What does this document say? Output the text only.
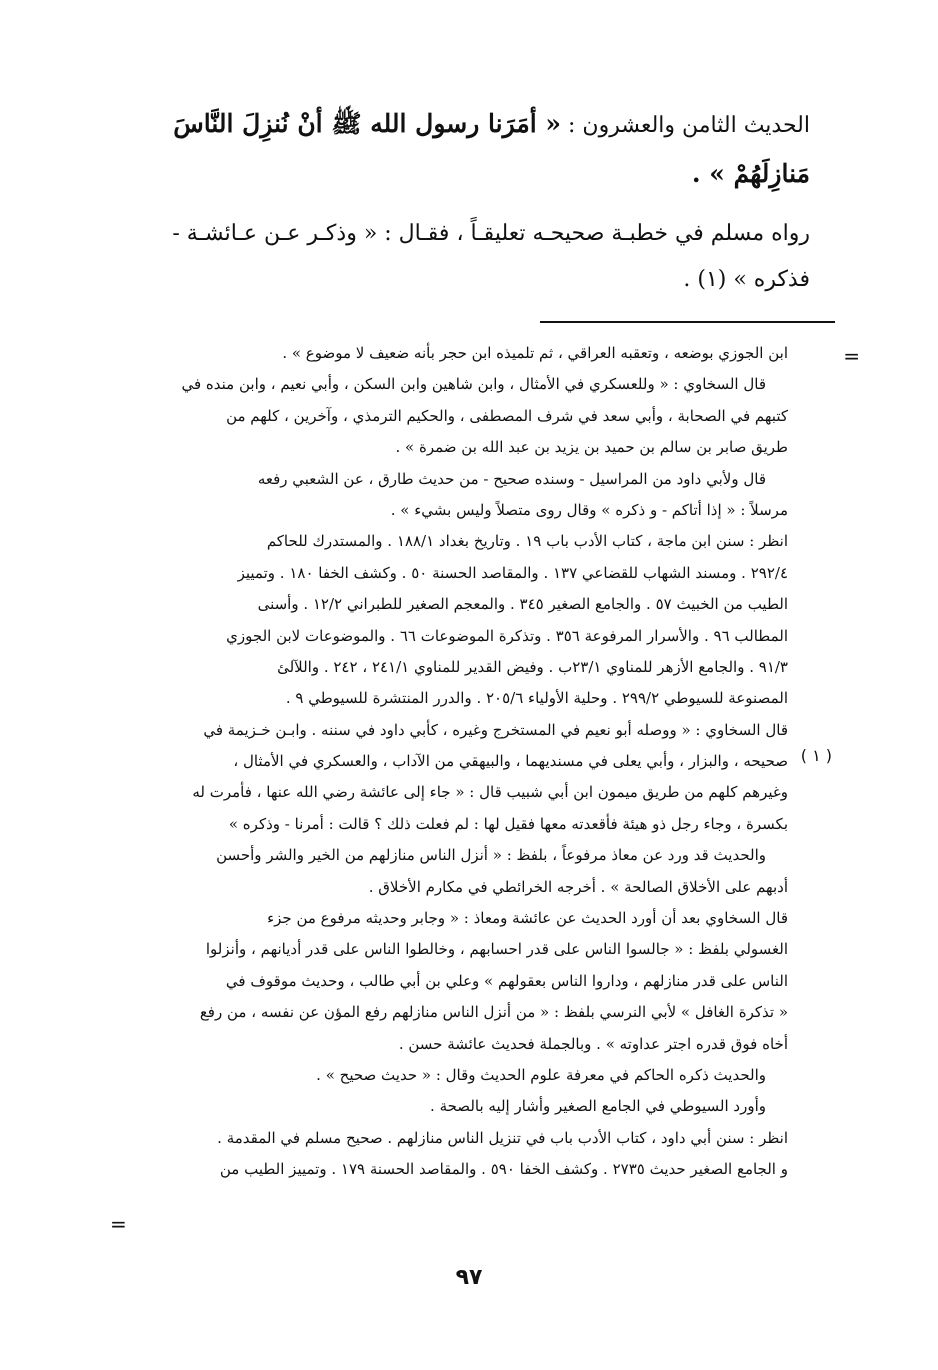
الحديث الثامن والعشرون : « أمَرَنا رسول الله ﷺ أنْ نُنزِلَ النَّاسَ

مَنازِلَهُمْ » .

رواه مسلم في خطبـة صحيحـه تعليقـاً ، فقـال : « وذكـر عـن عـائشـة -

فذكره » (١) .

=
( ١ )
ابن الجوزي بوضعه ، وتعقبه العراقي ، ثم تلميذه ابن حجر بأنه ضعيف لا موضوع » .
قال السخاوي : « وللعسكري في الأمثال ، وابن شاهين وابن السكن ، وأبي نعيم ، وابن منده في
كتبهم في الصحابة ، وأبي سعد في شرف المصطفى ، والحكيم الترمذي ، وآخرين ، كلهم من
طريق صابر بن سالم بن حميد بن يزيد بن عبد الله بن ضمرة » .
قال ولأبي داود من المراسيل - وسنده صحيح - من حديث طارق ، عن الشعبي رفعه
مرسلاً : « إذا أتاكم - و ذكره » وقال روى متصلاً وليس بشيء » .
انظر : سنن ابن ماجة ، كتاب الأدب باب ١٩ . وتاريخ بغداد ١٨٨/١ . والمستدرك للحاكم
٢٩٢/٤ . ومسند الشهاب للقضاعي ١٣٧ . والمقاصد الحسنة ٥٠ . وكشف الخفا ١٨٠ . وتمييز
الطيب من الخبيث ٥٧ . والجامع الصغير ٣٤٥ . والمعجم الصغير للطبراني ١٢/٢ . وأسنى
المطالب ٩٦ . والأسرار المرفوعة ٣٥٦ . وتذكرة الموضوعات ٦٦ . والموضوعات لابن الجوزي
٩١/٣ . والجامع الأزهر للمناوي ٢٣/١ب . وفيض القدير للمناوي ٢٤١/١ ، ٢٤٢ . واللآلئ
المصنوعة للسيوطي ٢٩٩/٢ . وحلية الأولياء ٢٠٥/٦ . والدرر المنتشرة للسيوطي ٩ .
قال السخاوي : « ووصله أبو نعيم في المستخرج وغيره ، كأبي داود في سننه . وابـن خـزيمة في
صحيحه ، والبزار ، وأبي يعلى في مسنديهما ، والبيهقي من الآداب ، والعسكري في الأمثال ،
وغيرهم كلهم من طريق ميمون ابن أبي شبيب قال : « جاء إلى عائشة رضي الله عنها ، فأمرت له
بكسرة ، وجاء رجل ذو هيئة فأقعدته معها فقيل لها : لم فعلت ذلك ؟ قالت : أمرنا - وذكره »
والحديث قد ورد عن معاذ مرفوعاً ، بلفظ : « أنزل الناس منازلهم من الخير والشر وأحسن
أدبهم على الأخلاق الصالحة » . أخرجه الخرائطي في مكارم الأخلاق .
قال السخاوي بعد أن أورد الحديث عن عائشة ومعاذ : « وجابر وحديثه مرفوع من جزء
الغسولي بلفظ : « جالسوا الناس على قدر احسابهم ، وخالطوا الناس على قدر أديانهم ، وأنزلوا
الناس على قدر منازلهم ، وداروا الناس بعقولهم » وعلي بن أبي طالب ، وحديث موقوف في
« تذكرة الغافل » لأبي النرسي بلفظ : « من أنزل الناس منازلهم رفع المؤن عن نفسه ، من رفع
أخاه فوق قدره اجتر عداوته » . وبالجملة فحديث عائشة حسن .
والحديث ذكره الحاكم في معرفة علوم الحديث وقال : « حديث صحيح » .
وأورد السيوطي في الجامع الصغير وأشار إليه بالصحة .
انظر : سنن أبي داود ، كتاب الأدب باب في تنزيل الناس منازلهم . صحيح مسلم في المقدمة .
و الجامع الصغير حديث ٢٧٣٥ . وكشف الخفا ٥٩٠ . والمقاصد الحسنة ١٧٩ . وتمييز الطيب من
=
٩٧
